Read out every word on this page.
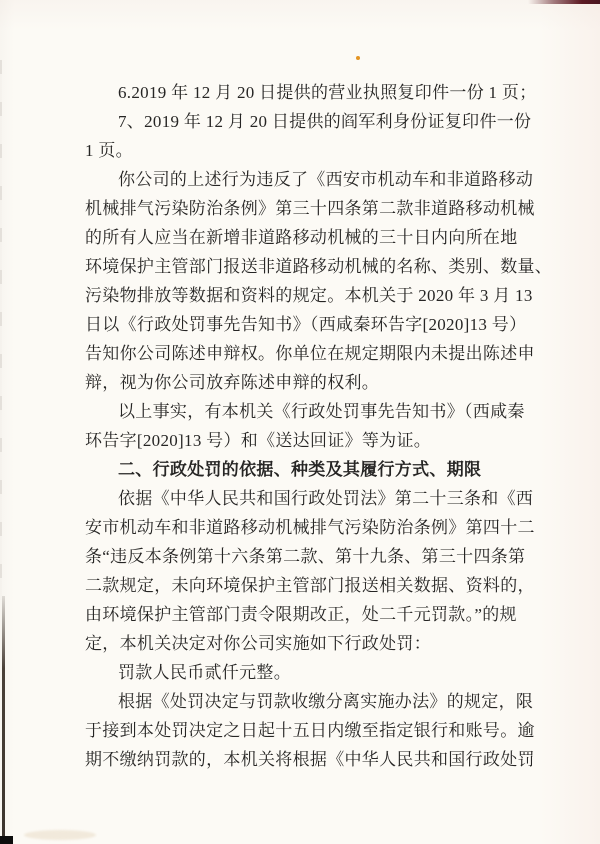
6.2019 年 12 月 20 日提供的营业执照复印件一份 1 页；
7、2019 年 12 月 20 日提供的阎军利身份证复印件一份
1 页。
你公司的上述行为违反了《西安市机动车和非道路移动
机械排气污染防治条例》第三十四条第二款非道路移动机械
的所有人应当在新增非道路移动机械的三十日内向所在地
环境保护主管部门报送非道路移动机械的名称、类别、数量、
污染物排放等数据和资料的规定。本机关于 2020 年 3 月 13
日以《行政处罚事先告知书》（西咸秦环告字[2020]13 号）
告知你公司陈述申辩权。你单位在规定期限内未提出陈述申
辩，视为你公司放弃陈述申辩的权利。
以上事实，有本机关《行政处罚事先告知书》（西咸秦
环告字[2020]13 号）和《送达回证》等为证。
二、行政处罚的依据、种类及其履行方式、期限
依据《中华人民共和国行政处罚法》第二十三条和《西
安市机动车和非道路移动机械排气污染防治条例》第四十二
条“违反本条例第十六条第二款、第十九条、第三十四条第
二款规定，未向环境保护主管部门报送相关数据、资料的，
由环境保护主管部门责令限期改正，处二千元罚款。”的规
定，本机关决定对你公司实施如下行政处罚：
罚款人民币贰仟元整。
根据《处罚决定与罚款收缴分离实施办法》的规定，限
于接到本处罚决定之日起十五日内缴至指定银行和账号。逾
期不缴纳罚款的，本机关将根据《中华人民共和国行政处罚
